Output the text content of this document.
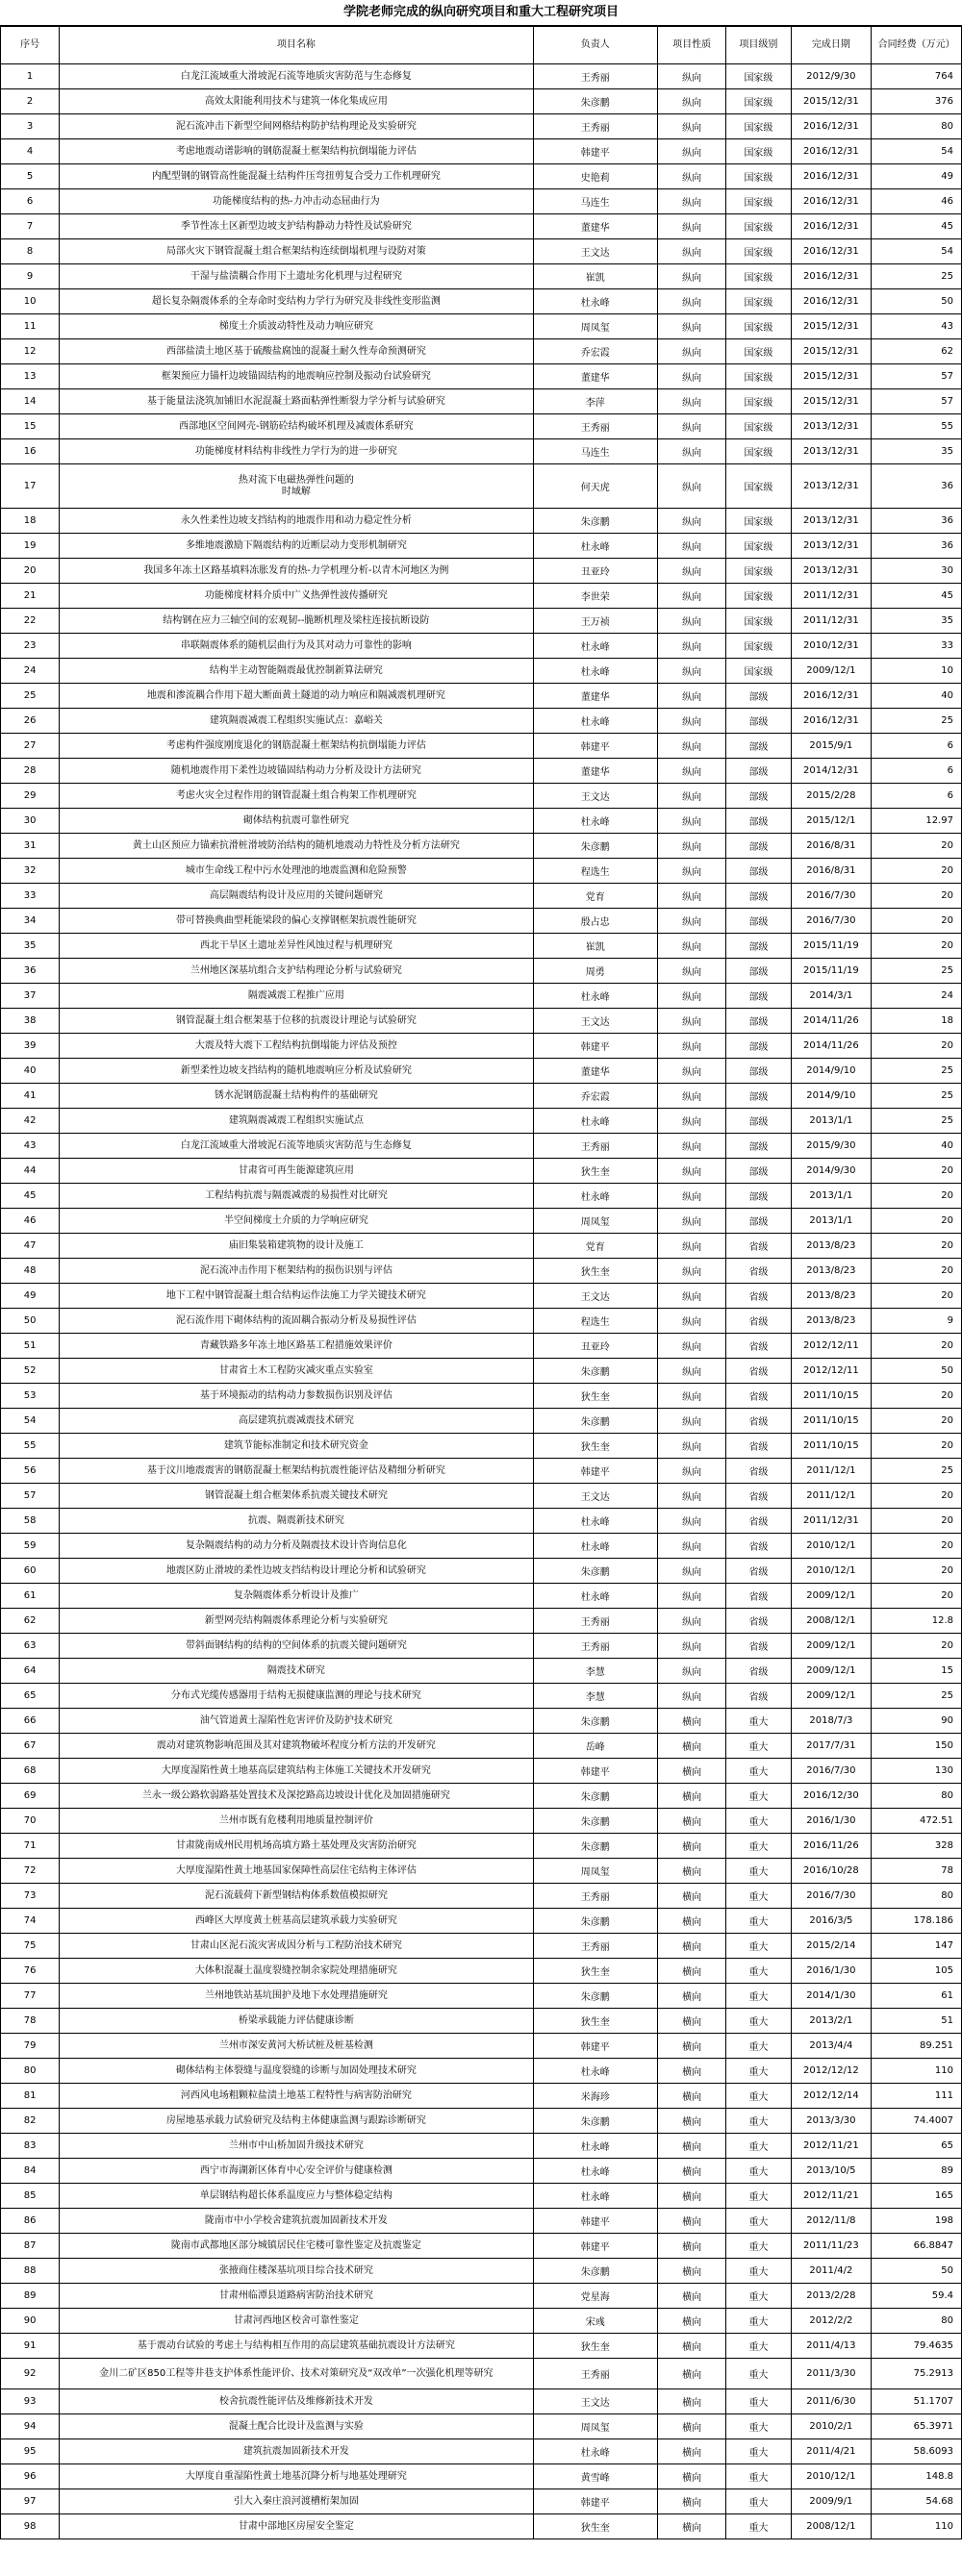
学院老师完成的纵向研究项目和重大工程研究项目
序号	项目名称	负责人	项目性质	项目级别	完成日期	合同经费（万元）
1	白龙江流域重大滑坡泥石流等地质灾害防范与生态修复	王秀丽	纵向	国家级	2012/9/30	764
2	高效太阳能利用技术与建筑一体化集成应用	朱彦鹏	纵向	国家级	2015/12/31	376
3	泥石流冲击下新型空间网格结构防护结构理论及实验研究	王秀丽	纵向	国家级	2016/12/31	80
4	考虑地震动谱影响的钢筋混凝土框架结构抗倒塌能力评估	韩建平	纵向	国家级	2016/12/31	54
5	内配型钢的钢管高性能混凝土结构件压弯扭剪复合受力工作机理研究	史艳莉	纵向	国家级	2016/12/31	49
6	功能梯度结构的热-力冲击动态屈曲行为	马连生	纵向	国家级	2016/12/31	46
7	季节性冻土区新型边坡支护结构静动力特性及试验研究	董建华	纵向	国家级	2016/12/31	45
8	局部火灾下钢管混凝土组合框架结构连续倒塌机理与设防对策	王文达	纵向	国家级	2016/12/31	54
9	干湿与盐渍耦合作用下土遗址劣化机理与过程研究	崔凯	纵向	国家级	2016/12/31	25
10	超长复杂隔震体系的全寿命时变结构力学行为研究及非线性变形监测	杜永峰	纵向	国家级	2016/12/31	50
11	梯度土介质波动特性及动力响应研究	周凤玺	纵向	国家级	2015/12/31	43
12	西部盐渍土地区基于硫酸盐腐蚀的混凝土耐久性寿命预测研究	乔宏霞	纵向	国家级	2015/12/31	62
13	框架预应力锚杆边坡锚固结构的地震响应控制及振动台试验研究	董建华	纵向	国家级	2015/12/31	57
14	基于能量法浇筑加铺旧水泥混凝土路面粘弹性断裂力学分析与试验研究	李萍	纵向	国家级	2015/12/31	57
15	西部地区空间网壳-钢筋砼结构破坏机理及减震体系研究	王秀丽	纵向	国家级	2013/12/31	55
16	功能梯度材料结构非线性力学行为的进一步研究	马连生	纵向	国家级	2013/12/31	35
17	热对流下电磁热弹性问题的
时域解	何天虎	纵向	国家级	2013/12/31	36
18	永久性柔性边坡支挡结构的地震作用和动力稳定性分析	朱彦鹏	纵向	国家级	2013/12/31	36
19	多维地震激励下隔震结构的近断层动力变形机制研究	杜永峰	纵向	国家级	2013/12/31	36
20	我国多年冻土区路基填料冻胀发育的热-力学机理分析-以青木河地区为例	丑亚玲	纵向	国家级	2013/12/31	30
21	功能梯度材料介质中广义热弹性波传播研究	李世荣	纵向	国家级	2011/12/31	45
22	结构钢在应力三轴空间的宏观韧--脆断机理及梁柱连接抗断设防	王万祯	纵向	国家级	2011/12/31	35
23	串联隔震体系的随机层曲行为及其对动力可靠性的影响	杜永峰	纵向	国家级	2010/12/31	33
24	结构半主动智能隔震最优控制新算法研究	杜永峰	纵向	国家级	2009/12/1	10
25	地震和渗流耦合作用下超大断面黄土隧道的动力响应和隔减震机理研究	董建华	纵向	部级	2016/12/31	40
26	建筑隔震减震工程组织实施试点：嘉峪关	杜永峰	纵向	部级	2016/12/31	25
27	考虑构件强度刚度退化的钢筋混凝土框架结构抗倒塌能力评估	韩建平	纵向	部级	2015/9/1	6
28	随机地震作用下柔性边坡锚固结构动力分析及设计方法研究	董建华	纵向	部级	2014/12/31	6
29	考虑火灾全过程作用的钢管混凝土组合构架工作机理研究	王文达	纵向	部级	2015/2/28	6
30	砌体结构抗震可靠性研究	杜永峰	纵向	部级	2015/12/1	12.97
31	黄土山区预应力锚索抗滑桩滑坡防治结构的随机地震动力特性及分析方法研究	朱彦鹏	纵向	部级	2016/8/31	20
32	城市生命线工程中污水处理池的地震监测和危险预警	程选生	纵向	部级	2016/8/31	20
33	高层隔震结构设计及应用的关键问题研究	党育	纵向	部级	2016/7/30	20
34	带可替换典曲型耗能梁段的偏心支撑钢框架抗震性能研究	殷占忠	纵向	部级	2016/7/30	20
35	西北干旱区土遗址差异性风蚀过程与机理研究	崔凯	纵向	部级	2015/11/19	20
36	兰州地区深基坑组合支护结构理论分析与试验研究	周勇	纵向	部级	2015/11/19	25
37	隔震减震工程推广应用	杜永峰	纵向	部级	2014/3/1	24
38	钢管混凝土组合框架基于位移的抗震设计理论与试验研究	王文达	纵向	部级	2014/11/26	18
39	大震及特大震下工程结构抗倒塌能力评估及预控	韩建平	纵向	部级	2014/11/26	20
40	新型柔性边坡支挡结构的随机地震响应分析及试验研究	董建华	纵向	部级	2014/9/10	25
41	锈水泥钢筋混凝土结构构件的基础研究	乔宏霞	纵向	部级	2014/9/10	25
42	建筑隔震减震工程组织实施试点	杜永峰	纵向	部级	2013/1/1	25
43	白龙江流域重大滑坡泥石流等地质灾害防范与生态修复	王秀丽	纵向	部级	2015/9/30	40
44	甘肃省可再生能源建筑应用	狄生奎	纵向	部级	2014/9/30	20
45	工程结构抗震与隔震减震的易损性对比研究	杜永峰	纵向	部级	2013/1/1	20
46	半空间梯度土介质的力学响应研究	周凤玺	纵向	部级	2013/1/1	20
47	庙旧集装箱建筑物的设计及施工	党育	纵向	省级	2013/8/23	20
48	泥石流冲击作用下框架结构的损伤识别与评估	狄生奎	纵向	省级	2013/8/23	20
49	地下工程中钢管混凝土组合结构运作法施工力学关键技术研究	王文达	纵向	省级	2013/8/23	20
50	泥石流作用下砌体结构的流固耦合振动分析及易损性评估	程选生	纵向	省级	2013/8/23	9
51	青藏铁路多年冻土地区路基工程措施效果评价	丑亚玲	纵向	省级	2012/12/11	20
52	甘肃省土木工程防灾减灾重点实验室	朱彦鹏	纵向	省级	2012/12/11	50
53	基于环境振动的结构动力参数损伤识别及评估	狄生奎	纵向	省级	2011/10/15	20
54	高层建筑抗震减震技术研究	朱彦鹏	纵向	省级	2011/10/15	20
55	建筑节能标准制定和技术研究资金	狄生奎	纵向	省级	2011/10/15	20
56	基于汶川地震震害的钢筋混凝土框架结构抗震性能评估及精细分析研究	韩建平	纵向	省级	2011/12/1	25
57	钢管混凝土组合框架体系抗震关键技术研究	王文达	纵向	省级	2011/12/1	20
58	抗震、隔震新技术研究	杜永峰	纵向	省级	2011/12/31	20
59	复杂隔震结构的动力分析及隔震技术设计咨询信息化	杜永峰	纵向	省级	2010/12/1	20
60	地震区防止滑坡的柔性边坡支挡结构设计理论分析和试验研究	朱彦鹏	纵向	省级	2010/12/1	20
61	复杂隔震体系分析设计及推广	杜永峰	纵向	省级	2009/12/1	20
62	新型网壳结构隔震体系理论分析与实验研究	王秀丽	纵向	省级	2008/12/1	12.8
63	带斜面钢结构的结构的空间体系的抗震关键问题研究	王秀丽	纵向	省级	2009/12/1	20
64	隔震技术研究	李慧	纵向	省级	2009/12/1	15
65	分布式光缆传感器用于结构无损健康监测的理论与技术研究	李慧	纵向	省级	2009/12/1	25
66	油气管道黄土湿陷性危害评价及防护技术研究	朱彦鹏	横向	重大	2018/7/3	90
67	震动对建筑物影响范围及其对建筑物破坏程度分析方法的开发研究	岳峰	横向	重大	2017/7/31	150
68	大厚度湿陷性黄土地基高层建筑结构主体施工关键技术开发研究	韩建平	横向	重大	2016/7/30	130
69	兰永一级公路软弱路基处置技术及深挖路高边坡设计优化及加固措施研究	朱彦鹏	横向	重大	2016/12/30	80
70	兰州市既有危楼利用地质量控制评价	朱彦鹏	横向	重大	2016/1/30	472.51
71	甘肃陇南成州民用机场高填方路土基处理及灾害防治研究	朱彦鹏	横向	重大	2016/11/26	328
72	大厚度湿陷性黄土地基国家保障性高层住宅结构主体评估	周凤玺	横向	重大	2016/10/28	78
73	泥石流载荷下新型钢结构体系数值模拟研究	王秀丽	横向	重大	2016/7/30	80
74	西峰区大厚度黄土桩基高层建筑承载力实验研究	朱彦鹏	横向	重大	2016/3/5	178.186
75	甘肃山区泥石流灾害成因分析与工程防治技术研究	王秀丽	横向	重大	2015/2/14	147
76	大体积混凝土温度裂缝控制余家院处理措施研究	狄生奎	横向	重大	2016/1/30	105
77	兰州地铁站基坑围护及地下水处理措施研究	朱彦鹏	横向	重大	2014/1/30	61
78	桥梁承载能力评估健康诊断	狄生奎	横向	重大	2013/2/1	51
79	兰州市深安黄河大桥试桩及桩基检测	韩建平	横向	重大	2013/4/4	89.251
80	砌体结构主体裂缝与温度裂缝的诊断与加固处理技术研究	杜永峰	横向	重大	2012/12/12	110
81	河西风电场粗颗粒盐渍土地基工程特性与病害防治研究	米海珍	横向	重大	2012/12/14	111
82	房屋地基承载力试验研究及结构主体健康监测与跟踪诊断研究	朱彦鹏	横向	重大	2013/3/30	74.4007
83	兰州市中山桥加固升级技术研究	杜永峰	横向	重大	2012/11/21	65
84	西宁市海湖新区体育中心安全评价与健康检测	杜永峰	横向	重大	2013/10/5	89
85	单层钢结构超长体系温度应力与整体稳定结构	杜永峰	横向	重大	2012/11/21	165
86	陇南市中小学校舍建筑抗震加固新技术开发	韩建平	横向	重大	2012/11/8	198
87	陇南市武都地区部分城镇居民住宅楼可靠性鉴定及抗震鉴定	韩建平	横向	重大	2011/11/23	66.8847
88	张掖商住楼深基坑项目综合技术研究	朱彦鹏	横向	重大	2011/4/2	50
89	甘肃州临潭县道路病害防治技术研究	党星海	横向	重大	2013/2/28	59.4
90	甘肃河西地区校舍可靠性鉴定	宋彧	横向	重大	2012/2/2	80
91	基于震动台试验的考虑土与结构相互作用的高层建筑基础抗震设计方法研究	狄生奎	横向	重大	2011/4/13	79.4635
92	金川二矿区850工程等井巷支护体系性能评价、技术对策研究及“双改单”一次强化机理等研究	王秀丽	横向	重大	2011/3/30	75.2913
93	校舍抗震性能评估及维修新技术开发	王文达	横向	重大	2011/6/30	51.1707
94	混凝土配合比设计及监测与实验	周凤玺	横向	重大	2010/2/1	65.3971
95	建筑抗震加固新技术开发	杜永峰	横向	重大	2011/4/21	58.6093
96	大厚度自重湿陷性黄土地基沉降分析与地基处理研究	黄雪峰	横向	重大	2010/12/1	148.8
97	引大入秦庄浪河渡槽桁架加固	韩建平	横向	重大	2009/9/1	54.68
98	甘肃中部地区房屋安全鉴定	狄生奎	横向	重大	2008/12/1	110
